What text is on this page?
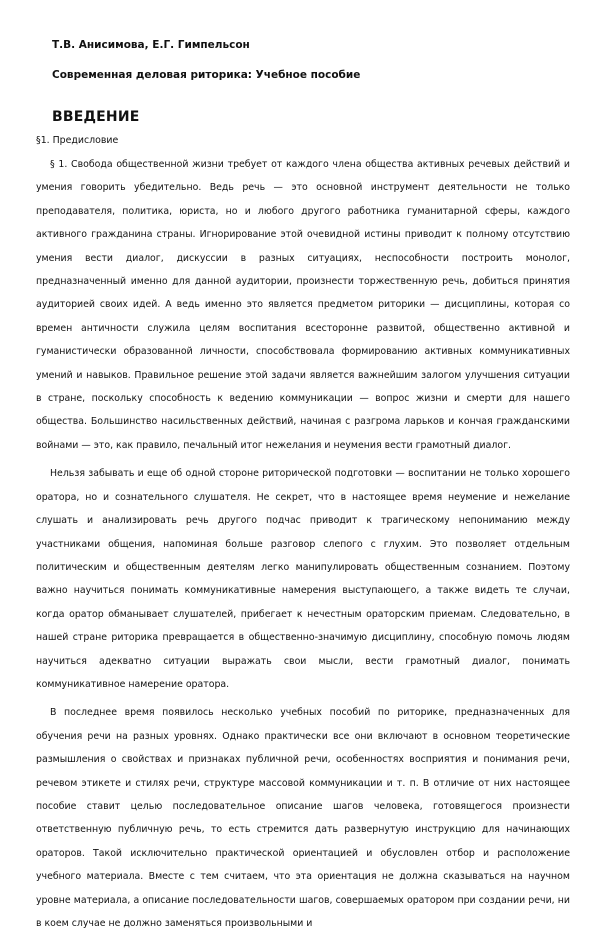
Т.В. Анисимова, Е.Г. Гимпельсон
Современная деловая риторика: Учебное пособие
ВВЕДЕНИЕ
§1. Предисловие

§ 1. Свобода общественной жизни требует от каждого члена общества активных речевых действий и умения говорить убедительно. Ведь речь — это основной инструмент деятельности не только преподавателя, политика, юриста, но и любого другого работника гуманитарной сферы, каждого активного гражданина страны. Игнорирование этой очевидной истины приводит к полному отсутствию умения вести диалог, дискуссии в разных ситуациях, неспособности построить монолог, предназначенный именно для данной аудитории, произнести торжественную речь, добиться принятия аудиторией своих идей. А ведь именно это является предметом риторики — дисциплины, которая со времен античности служила целям воспитания всесторонне развитой, общественно активной и гуманистически образованной личности, способствовала формированию активных коммуникативных умений и навыков. Правильное решение этой задачи является важнейшим залогом улучшения ситуации в стране, поскольку способность к ведению коммуникации — вопрос жизни и смерти для нашего общества. Большинство насильственных действий, начиная с разгрома ларьков и кончая гражданскими войнами — это, как правило, печальный итог нежелания и неумения вести грамотный диалог.

Нельзя забывать и еще об одной стороне риторической подготовки — воспитании не только хорошего оратора, но и сознательного слушателя. Не секрет, что в настоящее время неумение и нежелание слушать и анализировать речь другого подчас приводит к трагическому непониманию между участниками общения, напоминая больше разговор слепого с глухим. Это позволяет отдельным политическим и общественным деятелям легко манипулировать общественным сознанием. Поэтому важно научиться понимать коммуникативные намерения выступающего, а также видеть те случаи, когда оратор обманывает слушателей, прибегает к нечестным ораторским приемам. Следовательно, в нашей стране риторика превращается в общественно-значимую дисциплину, способную помочь людям научиться адекватно ситуации выражать свои мысли, вести грамотный диалог, понимать коммуникативное намерение оратора.

В последнее время появилось несколько учебных пособий по риторике, предназначенных для обучения речи на разных уровнях. Однако практически все они включают в основном теоретические размышления о свойствах и признаках публичной речи, особенностях восприятия и понимания речи, речевом этикете и стилях речи, структуре массовой коммуникации и т. п. В отличие от них настоящее пособие ставит целью последовательное описание шагов человека, готовящегося произнести ответственную публичную речь, то есть стремится дать развернутую инструкцию для начинающих ораторов. Такой исключительно практической ориентацией и обусловлен отбор и расположение учебного материала. Вместе с тем считаем, что эта ориентация не должна сказываться на научном уровне материала, а описание последовательности шагов, совершаемых оратором при создании речи, ни в коем случае не должно заменяться произвольными и
